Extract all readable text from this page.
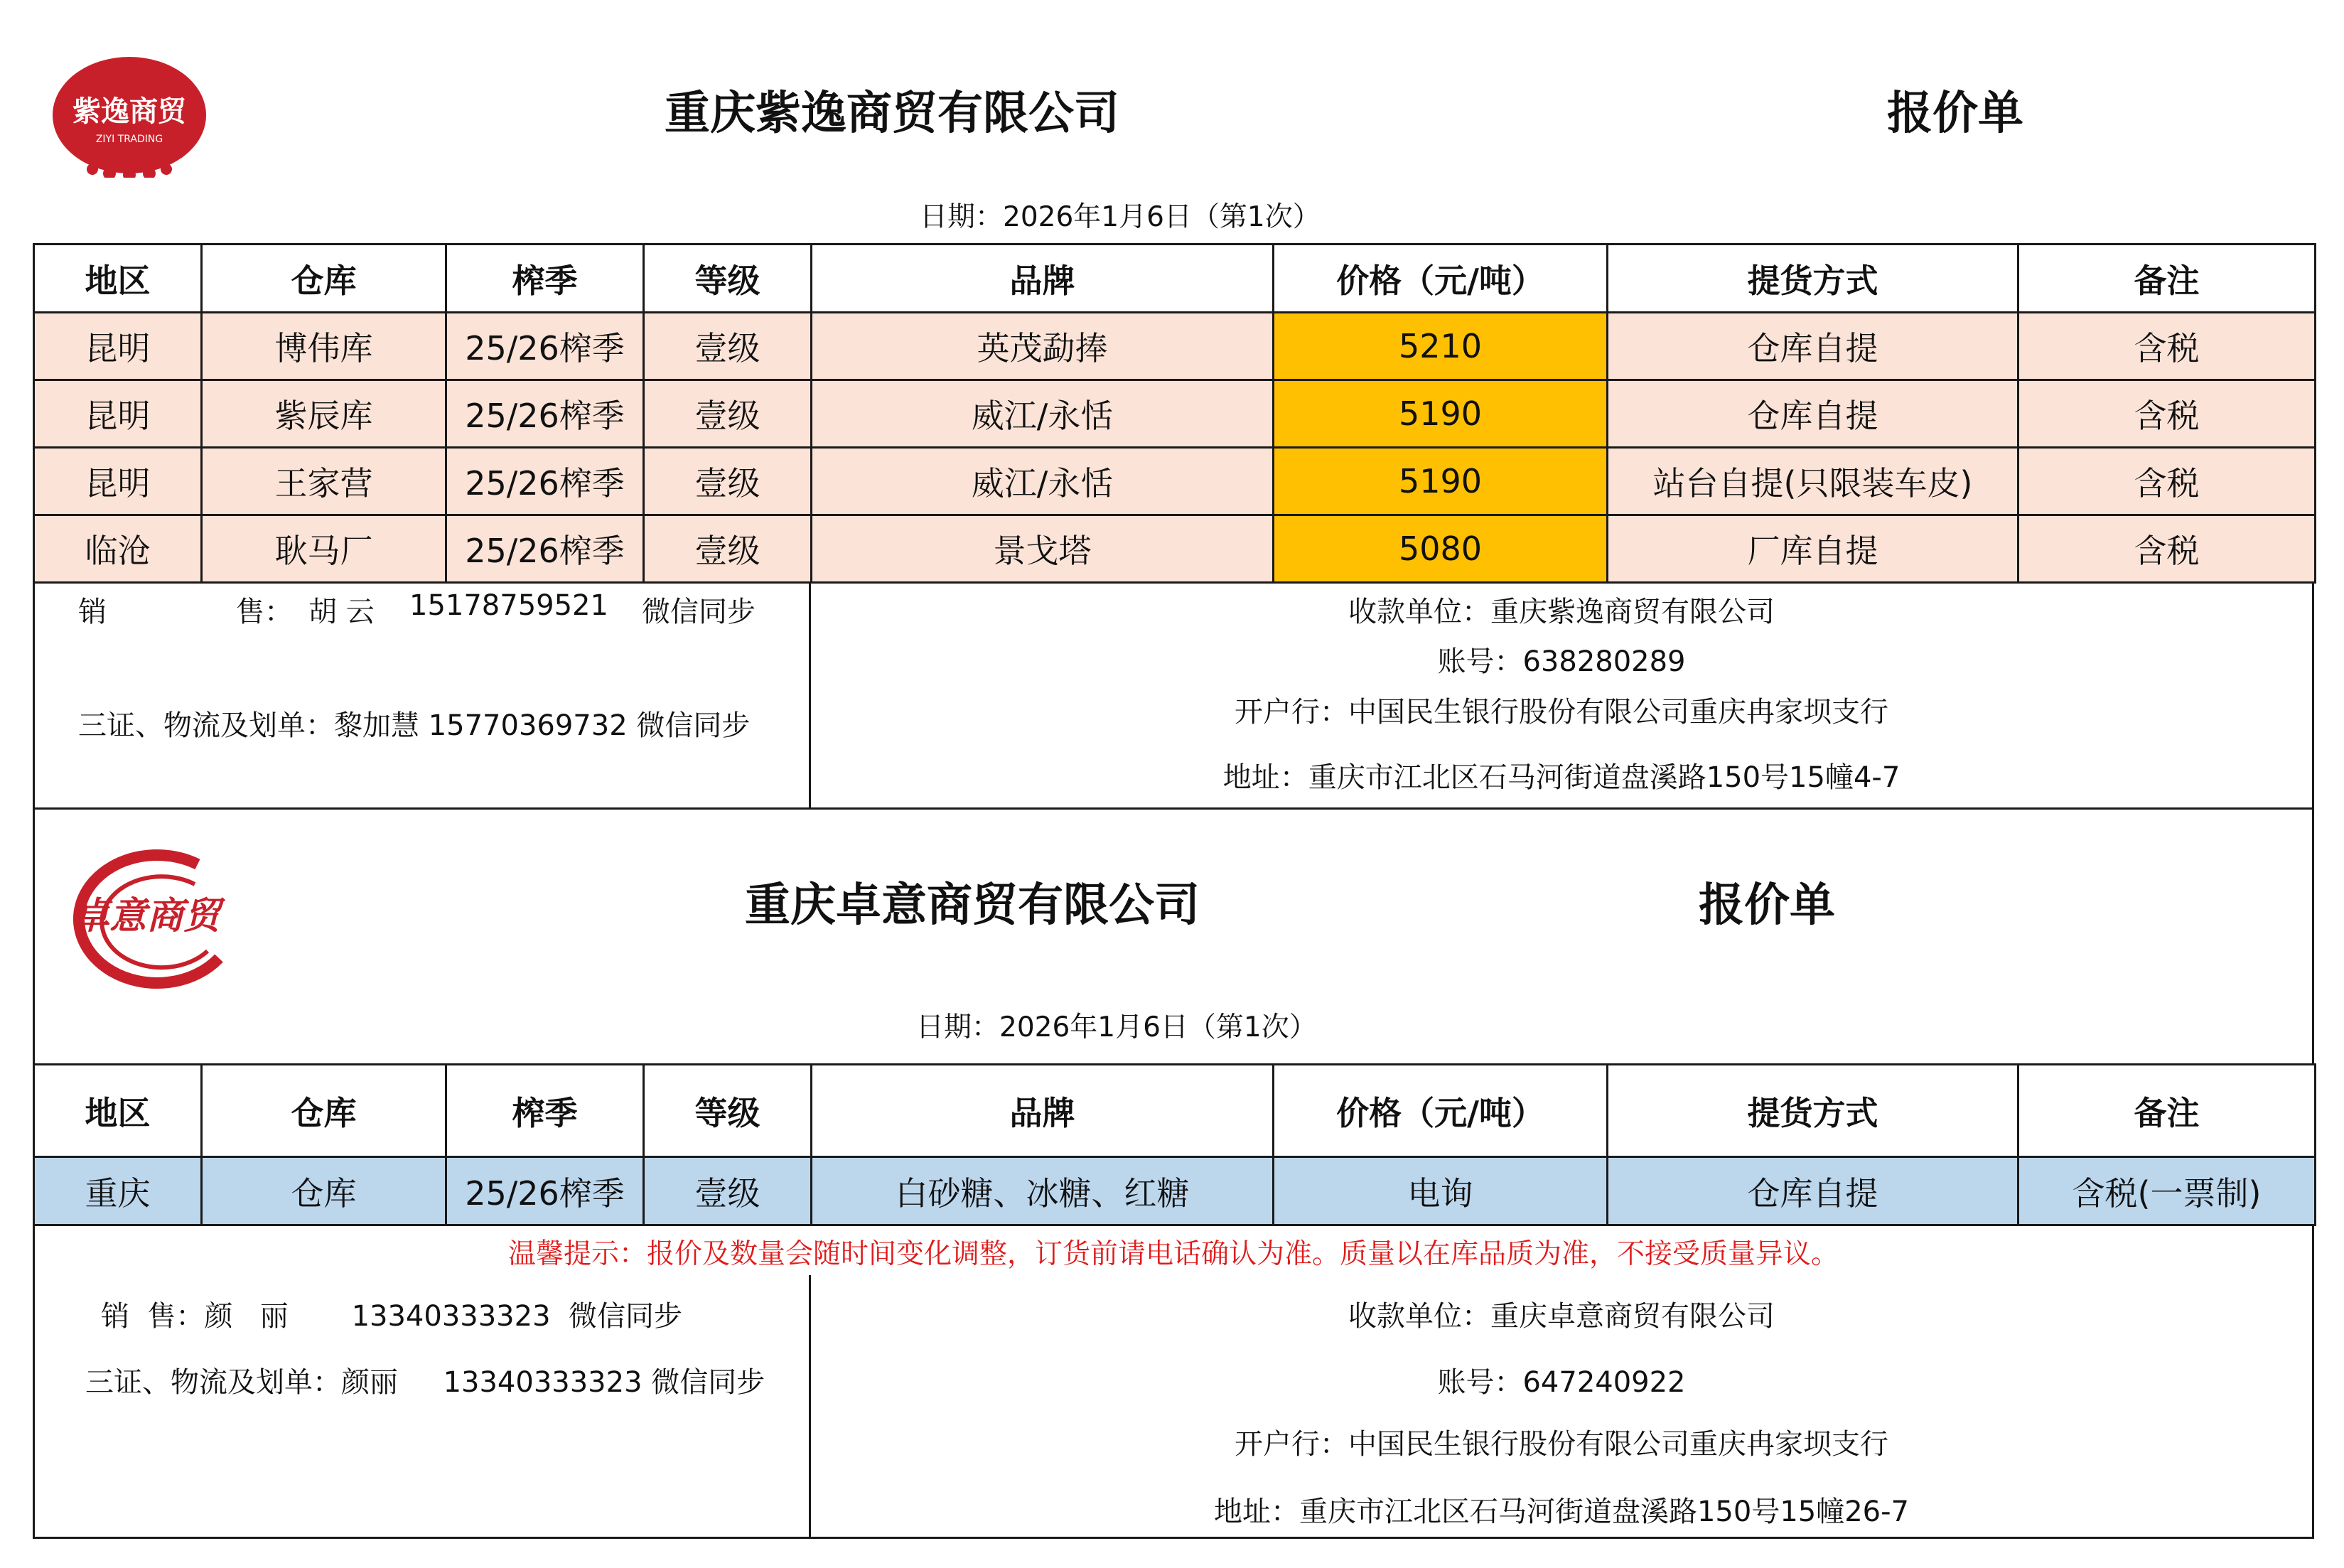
紫逸商贸
ZIYI TRADING	重庆紫逸商贸有限公司	报价单
日期：2026年1月6日（第1次）
地区	仓库	榨季	等级	品牌	价格（元/吨）	提货方式	备注
昆明	博伟库	25/26榨季	壹级	英茂勐捧	5210	仓库自提	含税
昆明	紫辰库	25/26榨季	壹级	威江/永恬	5190	仓库自提	含税
昆明	王家营	25/26榨季	壹级	威江/永恬	5190	站台自提(只限装车皮)	含税
临沧	耿马厂	25/26榨季	壹级	景戈塔	5080	厂库自提	含税
销	售： 胡 云 15178759521 微信同步
三证、物流及划单：黎加慧 15770369732 微信同步
收款单位：重庆紫逸商贸有限公司
账号：638280289
开户行：中国民生银行股份有限公司重庆冉家坝支行
地址：重庆市江北区石马河街道盘溪路150号15幢4-7
卓意商贸	重庆卓意商贸有限公司	报价单
日期：2026年1月6日（第1次）
地区	仓库	榨季	等级	品牌	价格（元/吨）	提货方式	备注
重庆	仓库	25/26榨季	壹级	白砂糖、冰糖、红糖	电询	仓库自提	含税(一票制)
温馨提示：报价及数量会随时间变化调整，订货前请电话确认为准。质量以在库品质为准，不接受质量异议。
销  售：颜   丽       13340333323  微信同步
三证、物流及划单：颜丽     13340333323 微信同步
收款单位：重庆卓意商贸有限公司
账号：647240922
开户行：中国民生银行股份有限公司重庆冉家坝支行
地址：重庆市江北区石马河街道盘溪路150号15幢26-7
